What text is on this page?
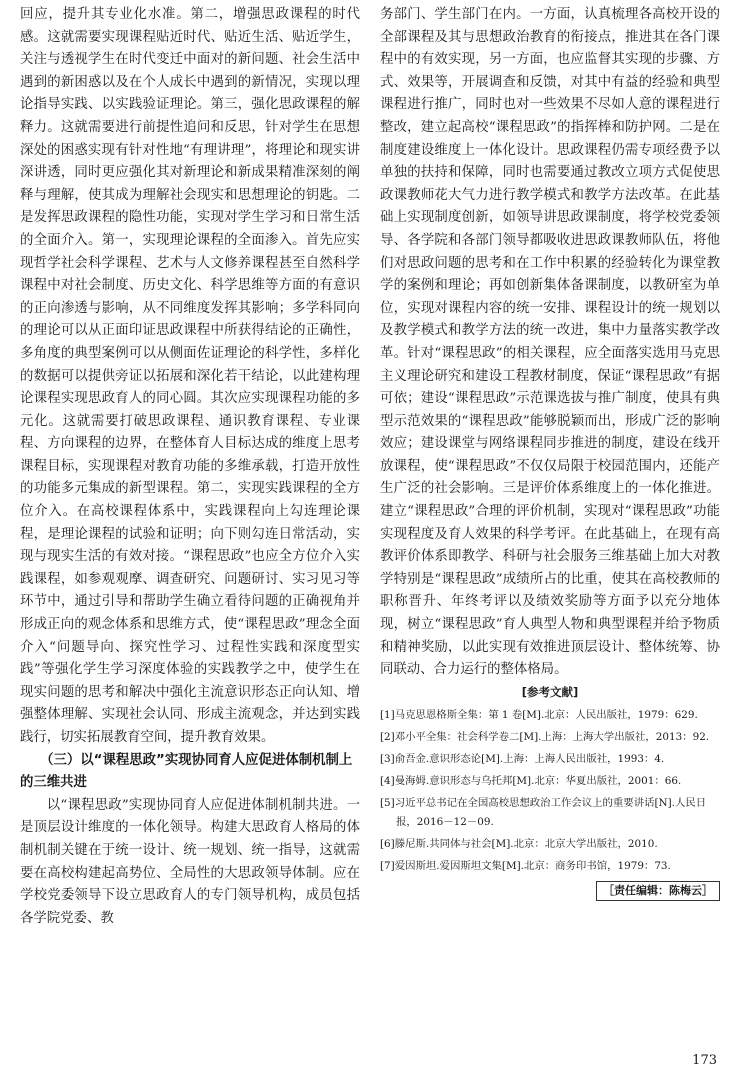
回应，提升其专业化水准。第二，增强思政课程的时代感。这就需要实现课程贴近时代、贴近生活、贴近学生，关注与透视学生在时代变迁中面对的新问题、社会生活中遇到的新困惑以及在个人成长中遇到的新情况，实现以理论指导实践、以实践验证理论。第三，强化思政课程的解释力。这就需要进行前提性追问和反思，针对学生在思想深处的困惑实现有针对性地“有理讲理”，将理论和现实讲深讲透，同时更应强化其对新理论和新成果精准深刻的阐释与理解，使其成为理解社会现实和思想理论的钥匙。二是发挥思政课程的隐性功能，实现对学生学习和日常生活的全面介入。第一，实现理论课程的全面渗入。首先应实现哲学社会科学课程、艺术与人文修养课程甚至自然科学课程中对社会制度、历史文化、科学思维等方面的有意识的正向渗透与影响，从不同维度发挥其影响；多学科同向的理论可以从正面印证思政课程中所获得结论的正确性，多角度的典型案例可以从侧面佐证理论的科学性，多样化的数据可以提供旁证以拓展和深化若干结论，以此建构理论课程实现思政育人的同心圆。其次应实现课程功能的多元化。这就需要打破思政课程、通识教育课程、专业课程、方向课程的边界，在整体育人目标达成的维度上思考课程目标，实现课程对教育功能的多维承载，打造开放性的功能多元集成的新型课程。第二，实现实践课程的全方位介入。在高校课程体系中，实践课程向上勾连理论课程，是理论课程的试验和证明；向下则勾连日常活动，实现与现实生活的有效对接。“课程思政”也应全方位介入实践课程，如参观观摩、调查研究、问题研讨、实习见习等环节中，通过引导和帮助学生确立看待问题的正确视角并形成正向的观念体系和思维方式，使“课程思政”理念全面介入“问题导向、探究性学习、过程性实践和深度型实践”等强化学生学习深度体验的实践教学之中，使学生在现实问题的思考和解决中强化主流意识形态正向认知、增强整体理解、实现社会认同、形成主流观念，并达到实践践行，切实拓展教育空间，提升教育效果。

（三）以“课程思政”实现协同育人应促进体制机制上的三维共进

以“课程思政”实现协同育人应促进体制机制共进。一是顶层设计维度的一体化领导。构建大思政育人格局的体制机制关键在于统一设计、统一规划、统一指导，这就需要在高校构建起高势位、全局性的大思政领导体制。应在学校党委领导下设立思政育人的专门领导机构，成员包括各学院党委、教

务部门、学生部门在内。一方面，认真梳理各高校开设的全部课程及其与思想政治教育的衔接点，推进其在各门课程中的有效实现，另一方面，也应监督其实现的步骤、方式、效果等，开展调查和反馈，对其中有益的经验和典型课程进行推广，同时也对一些效果不尽如人意的课程进行整改，建立起高校“课程思政”的指挥棒和防护网。二是在制度建设维度上一体化设计。思政课程仍需专项经费予以单独的扶持和保障，同时也需要通过教改立项方式促使思政课教师花大气力进行教学模式和教学方法改革。在此基础上实现制度创新，如领导讲思政课制度，将学校党委领导、各学院和各部门领导都吸收进思政课教师队伍，将他们对思政问题的思考和在工作中积累的经验转化为课堂教学的案例和理论；再如创新集体备课制度，以教研室为单位，实现对课程内容的统一安排、课程设计的统一规划以及教学模式和教学方法的统一改进，集中力量落实教学改革。针对“课程思政”的相关课程，应全面落实选用马克思主义理论研究和建设工程教材制度，保证“课程思政”有据可依；建设“课程思政”示范课选拔与推广制度，使具有典型示范效果的“课程思政”能够脱颖而出，形成广泛的影响效应；建设课堂与网络课程同步推进的制度，建设在线开放课程，使“课程思政”不仅仅局限于校园范围内，还能产生广泛的社会影响。三是评价体系维度上的一体化推进。建立“课程思政”合理的评价机制，实现对“课程思政”功能实现程度及育人效果的科学考评。在此基础上，在现有高教评价体系即教学、科研与社会服务三维基础上加大对教学特别是“课程思政”成绩所占的比重，使其在高校教师的职称晋升、年终考评以及绩效奖励等方面予以充分地体现，树立“课程思政”育人典型人物和典型课程并给予物质和精神奖励，以此实现有效推进顶层设计、整体统筹、协同联动、合力运行的整体格局。

[参考文献]
[1]马克思恩格斯全集：第 1 卷[M].北京：人民出版社，1979：629.
[2]邓小平全集：社会科学卷二[M].上海：上海大学出版社，2013：92.
[3]俞吾金.意识形态论[M].上海：上海人民出版社，1993：4.
[4]曼海姆.意识形态与乌托邦[M].北京：华夏出版社，2001：66.
[5]习近平总书记在全国高校思想政治工作会议上的重要讲话[N].人民日报，2016－12－09.
[6]滕尼斯.共同体与社会[M].北京：北京大学出版社，2010.
[7]爱因斯坦.爱因斯坦文集[M].北京：商务印书馆，1979：73.
［责任编辑：陈梅云］
173
